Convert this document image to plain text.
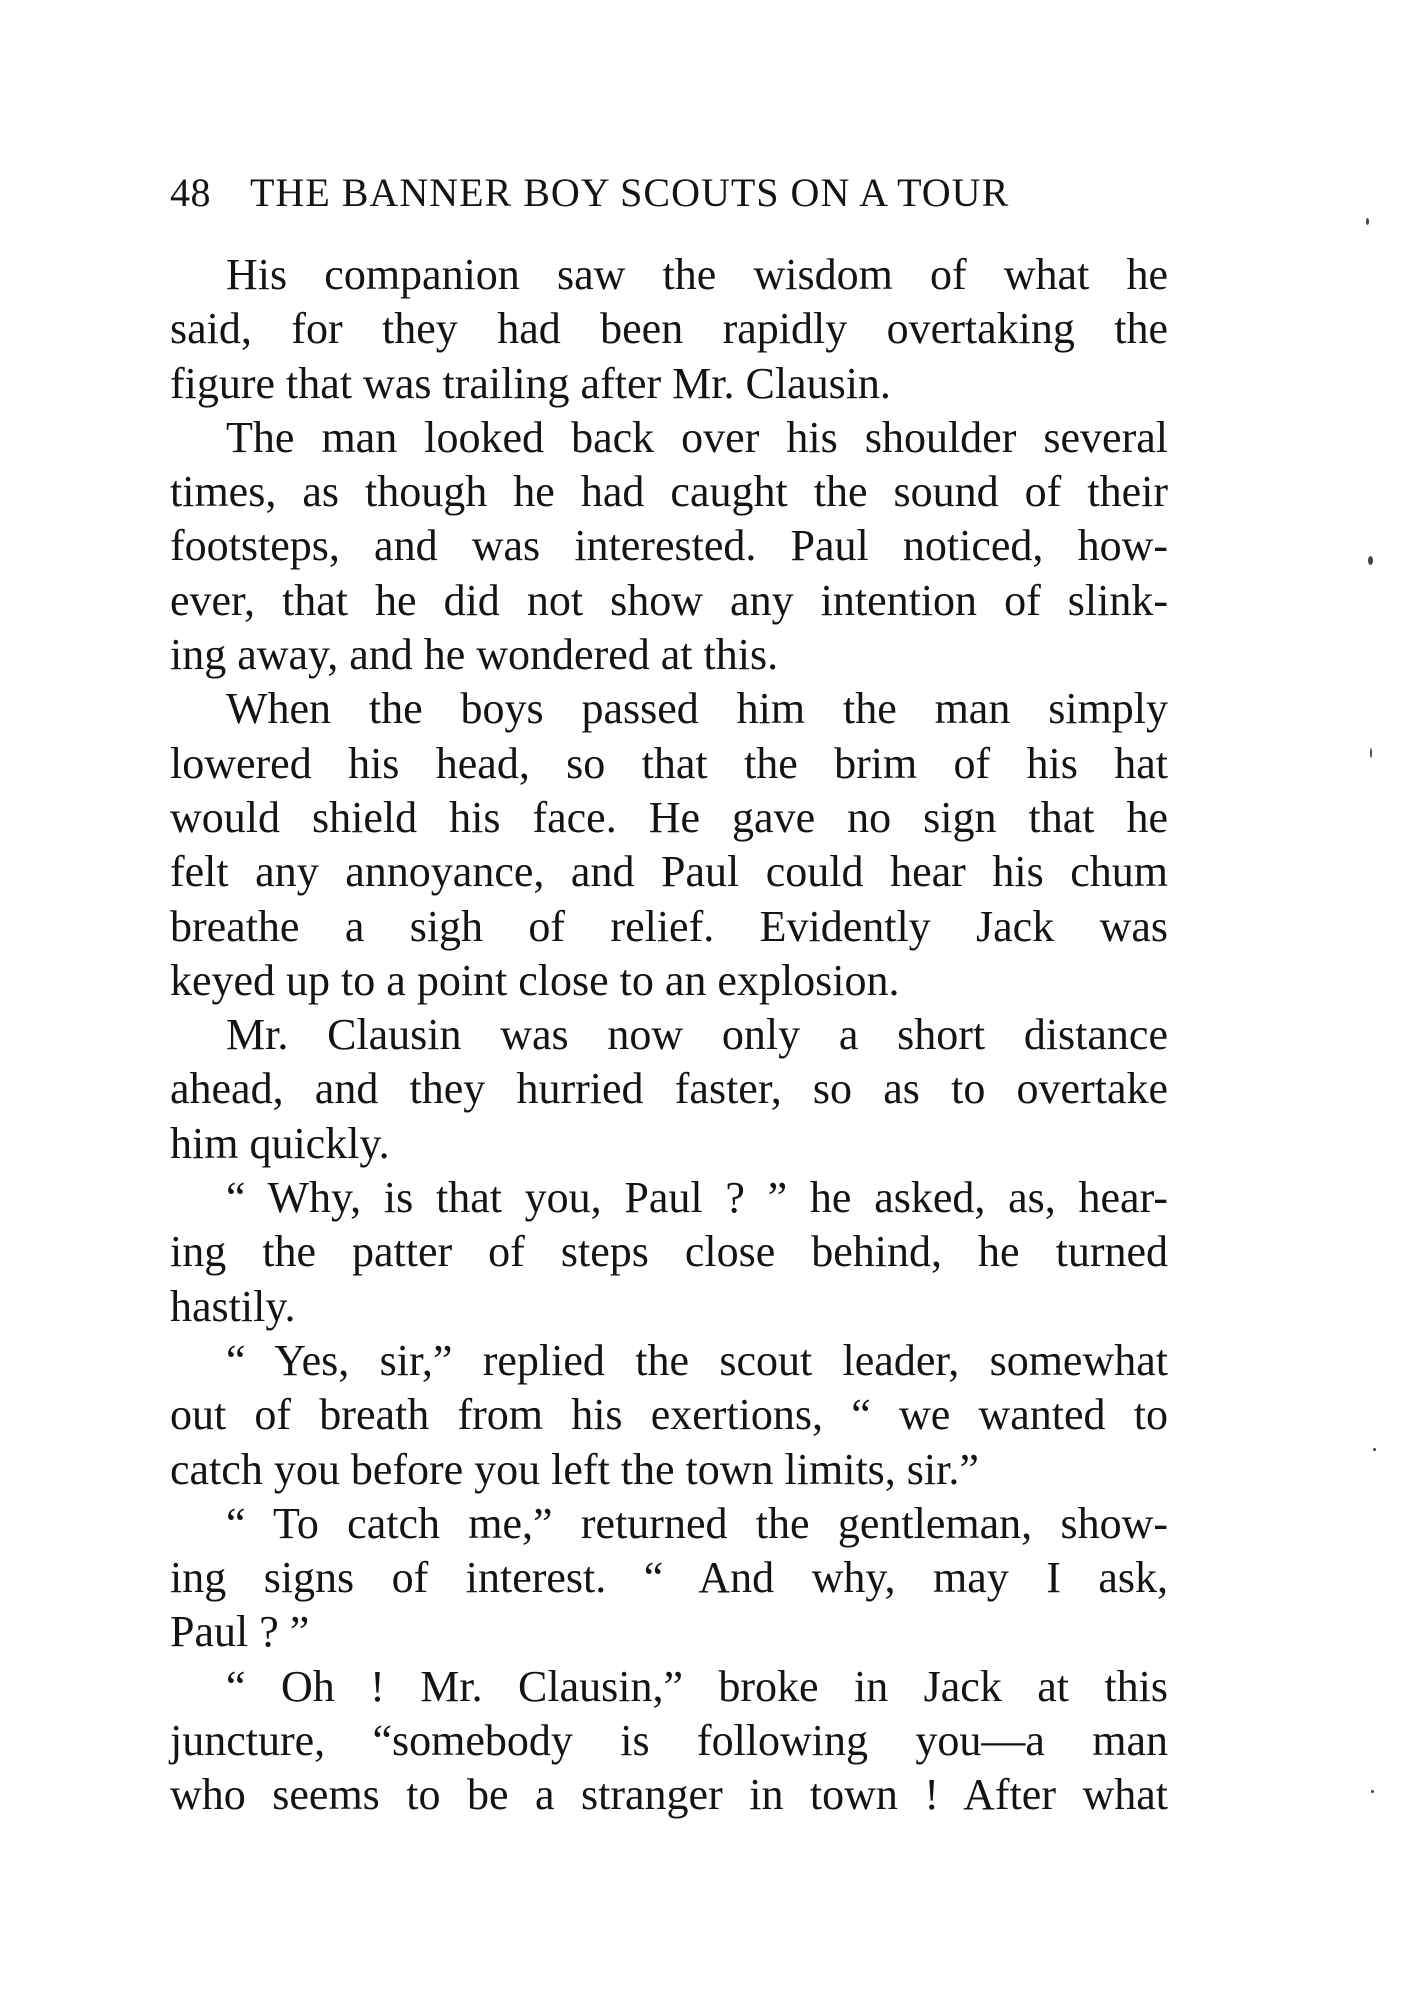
48 THE BANNER BOY SCOUTS ON A TOUR
His companion saw the wisdom of what he
said, for they had been rapidly overtaking the
figure that was trailing after Mr. Clausin.
The man looked back over his shoulder several
times, as though he had caught the sound of their
footsteps, and was interested. Paul noticed, how-
ever, that he did not show any intention of slink-
ing away, and he wondered at this.
When the boys passed him the man simply
lowered his head, so that the brim of his hat
would shield his face. He gave no sign that he
felt any annoyance, and Paul could hear his chum
breathe a sigh of relief. Evidently Jack was
keyed up to a point close to an explosion.
Mr. Clausin was now only a short distance
ahead, and they hurried faster, so as to overtake
him quickly.
“ Why, is that you, Paul ? ” he asked, as, hear-
ing the patter of steps close behind, he turned
hastily.
“ Yes, sir,” replied the scout leader, somewhat
out of breath from his exertions, “ we wanted to
catch you before you left the town limits, sir.”
“ To catch me,” returned the gentleman, show-
ing signs of interest. “ And why, may I ask,
Paul ? ”
“ Oh ! Mr. Clausin,” broke in Jack at this
juncture, “somebody is following you—a man
who seems to be a stranger in town ! After what
